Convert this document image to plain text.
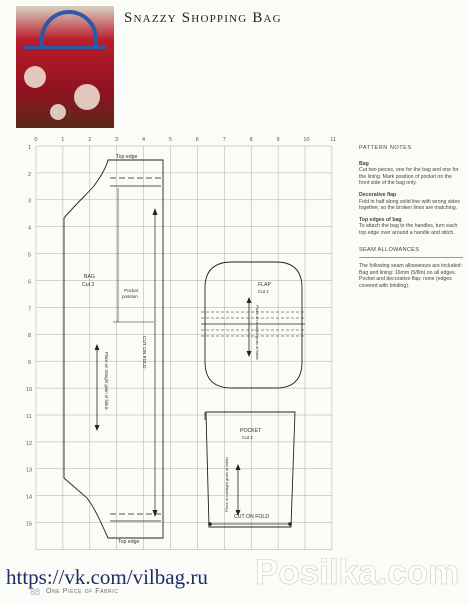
Snazzy Shopping Bag
0	1	2	3	4	5	6	7	8	9	10	11
1
2
3
4
5
6
7
8
9
10
11
12
13
14
15
Top edge
Top edge
BAG
Cut 2
Pocket
position
CUT ON FOLD
Place on straight grain of fabric
FLAP
Cut 1
Place on straight grain of fabric
POCKET
Cut 1
Place on straight grain of fabric
CUT ON FOLD
PATTERN NOTES
Bag
Cut two pieces, one for the bag and one for the lining. Mark position of pocket on the front side of the bag only.
Decorative flap
Fold in half along solid line with wrong sides together, so the broken lines are matching.
Top edges of bag
To attach the bag to the handles, turn each top edge over around a handle and stitch.
SEAM ALLOWANCES
The following seam allowances are included: Bag and lining: 16mm (5/8in) on all edges. Pocket and decorative flap: none (edges covered with binding).
https://vk.com/vilbag.ru Posilka.com
88 One Piece of Fabric
